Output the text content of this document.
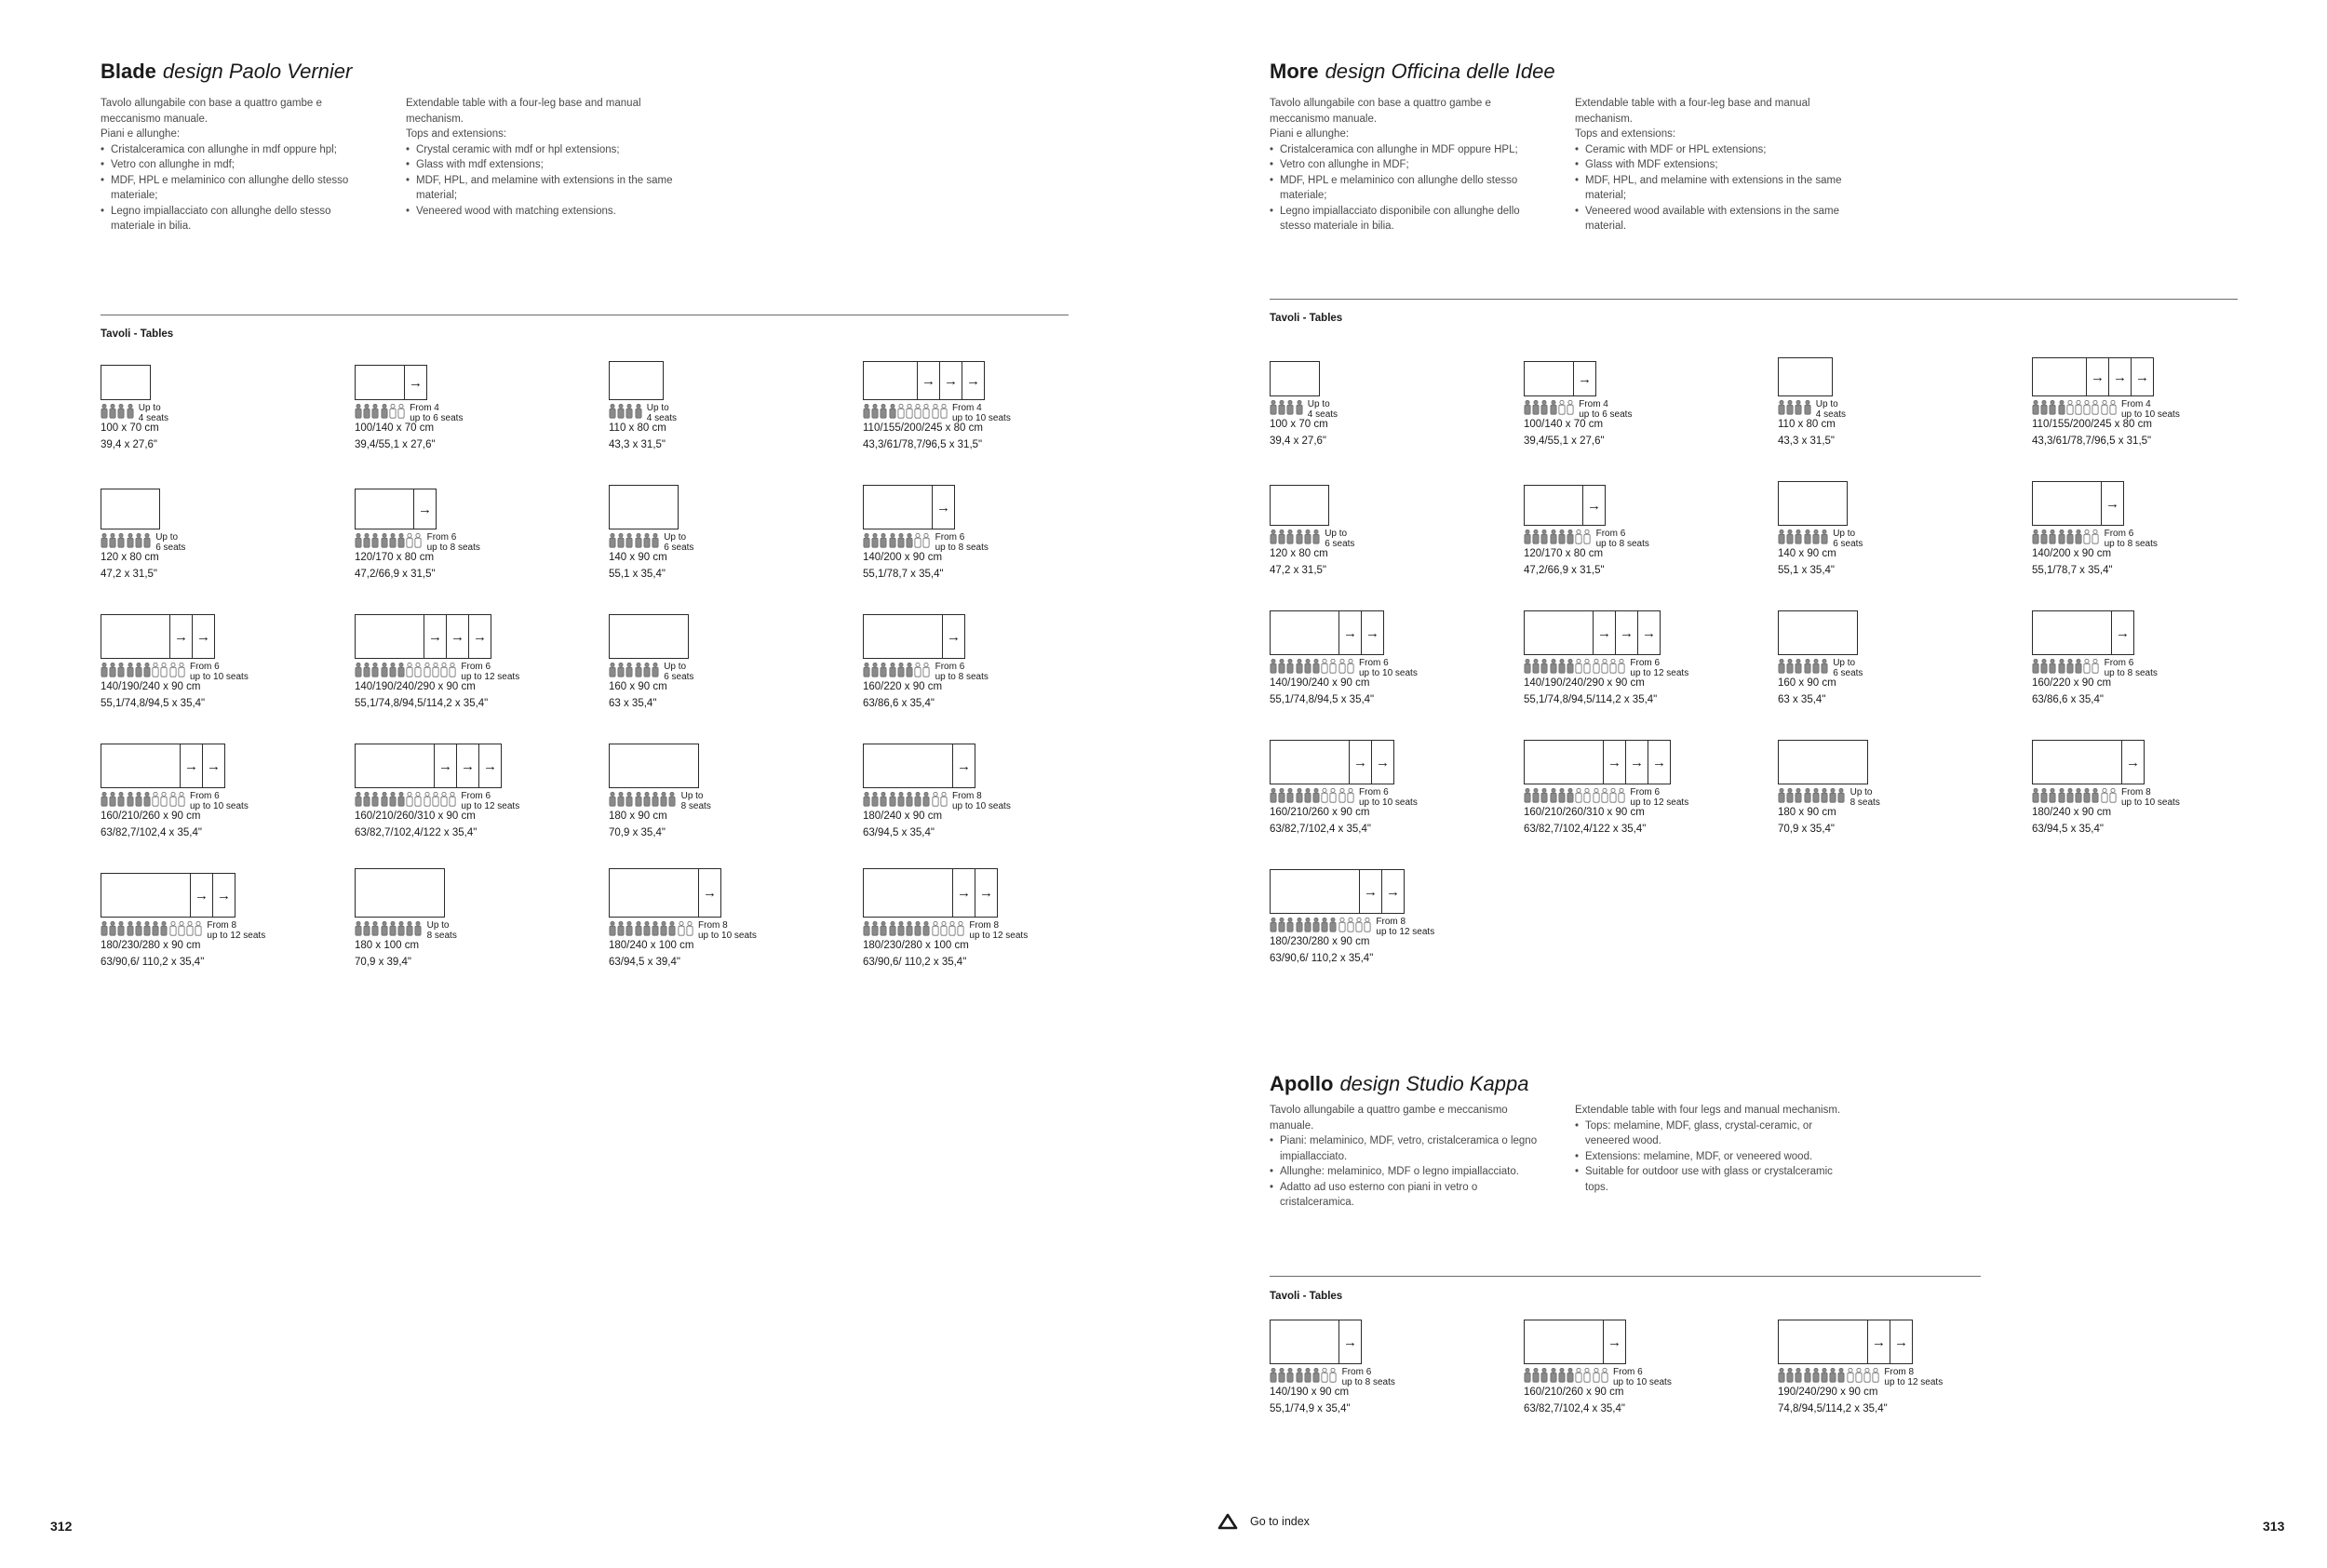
Blade design Paolo Vernier
Tavolo allungabile con base a quattro gambe e meccanismo manuale.
Piani e allunghe:
• Cristalceramica con allunghe in mdf oppure hpl;
• Vetro con allunghe in mdf;
• MDF, HPL e melaminico con allunghe dello stesso materiale;
• Legno impiallacciato con allunghe dello stesso materiale in bilia.
Extendable table with a four-leg base and manual mechanism.
Tops and extensions:
• Crystal ceramic with mdf or hpl extensions;
• Glass with mdf extensions;
• MDF, HPL, and melamine with extensions in the same material;
• Veneered wood with matching extensions.
Tavoli - Tables
Up to
4 seats
100 x 70 cm
39,4 x 27,6"
→
From 4
up to 6 seats
100/140 x 70 cm
39,4/55,1 x 27,6"
Up to
4 seats
110 x 80 cm
43,3 x 31,5"
→ → →
From 4
up to 10 seats
110/155/200/245 x 80 cm
43,3/61/78,7/96,5 x 31,5"
Up to
6 seats
120 x 80 cm
47,2 x 31,5"
→
From 6
up to 8 seats
120/170 x 80 cm
47,2/66,9 x 31,5"
Up to
6 seats
140 x 90 cm
55,1 x 35,4"
→
From 6
up to 8 seats
140/200 x 90 cm
55,1/78,7 x 35,4"
→ →
From 6
up to 10 seats
140/190/240 x 90 cm
55,1/74,8/94,5 x 35,4"
→ → →
From 6
up to 12 seats
140/190/240/290 x 90 cm
55,1/74,8/94,5/114,2 x 35,4"
Up to
6 seats
160 x 90 cm
63 x 35,4"
→
From 6
up to 8 seats
160/220 x 90 cm
63/86,6 x 35,4"
→ →
From 6
up to 10 seats
160/210/260 x 90 cm
63/82,7/102,4 x 35,4"
→ → →
From 6
up to 12 seats
160/210/260/310 x 90 cm
63/82,7/102,4/122 x 35,4"
Up to
8 seats
180 x 90 cm
70,9 x 35,4"
→
From 8
up to 10 seats
180/240 x 90 cm
63/94,5 x 35,4"
→ →
From 8
up to 12 seats
180/230/280 x 90 cm
63/90,6/ 110,2 x 35,4"
Up to
8 seats
180 x 100 cm
70,9 x 39,4"
→
From 8
up to 10 seats
180/240 x 100 cm
63/94,5 x 39,4"
→ →
From 8
up to 12 seats
180/230/280 x 100 cm
63/90,6/ 110,2 x 35,4"
More design Officina delle Idee
Tavolo allungabile con base a quattro gambe e meccanismo manuale.
Piani e allunghe:
• Cristalceramica con allunghe in MDF oppure HPL;
• Vetro con allunghe in MDF;
• MDF, HPL e melaminico con allunghe dello stesso materiale;
• Legno impiallacciato disponibile con allunghe dello stesso materiale in bilia.
Extendable table with a four-leg base and manual mechanism.
Tops and extensions:
• Ceramic with MDF or HPL extensions;
• Glass with MDF extensions;
• MDF, HPL, and melamine with extensions in the same material;
• Veneered wood available with extensions in the same material.
Tavoli - Tables
Up to
4 seats
100 x 70 cm
39,4 x 27,6"
→
From 4
up to 6 seats
100/140 x 70 cm
39,4/55,1 x 27,6"
Up to
4 seats
110 x 80 cm
43,3 x 31,5"
→ → →
From 4
up to 10 seats
110/155/200/245 x 80 cm
43,3/61/78,7/96,5 x 31,5"
Up to
6 seats
120 x 80 cm
47,2 x 31,5"
→
From 6
up to 8 seats
120/170 x 80 cm
47,2/66,9 x 31,5"
Up to
6 seats
140 x 90 cm
55,1 x 35,4"
→
From 6
up to 8 seats
140/200 x 90 cm
55,1/78,7 x 35,4"
→ →
From 6
up to 10 seats
140/190/240 x 90 cm
55,1/74,8/94,5 x 35,4"
→ → →
From 6
up to 12 seats
140/190/240/290 x 90 cm
55,1/74,8/94,5/114,2 x 35,4"
Up to
6 seats
160 x 90 cm
63 x 35,4"
→
From 6
up to 8 seats
160/220 x 90 cm
63/86,6 x 35,4"
→ →
From 6
up to 10 seats
160/210/260 x 90 cm
63/82,7/102,4 x 35,4"
→ → →
From 6
up to 12 seats
160/210/260/310 x 90 cm
63/82,7/102,4/122 x 35,4"
Up to
8 seats
180 x 90 cm
70,9 x 35,4"
→
From 8
up to 10 seats
180/240 x 90 cm
63/94,5 x 35,4"
→ →
From 8
up to 12 seats
180/230/280 x 90 cm
63/90,6/ 110,2 x 35,4"
Apollo design Studio Kappa
Tavolo allungabile a quattro gambe e meccanismo manuale.
• Piani: melaminico, MDF, vetro, cristalceramica o legno impiallacciato.
• Allunghe: melaminico, MDF o legno impiallacciato.
• Adatto ad uso esterno con piani in vetro o cristalceramica.
Extendable table with four legs and manual mechanism.
• Tops: melamine, MDF, glass, crystal-ceramic, or veneered wood.
• Extensions: melamine, MDF, or veneered wood.
• Suitable for outdoor use with glass or crystalceramic tops.
Tavoli - Tables
→
From 6
up to 8 seats
140/190 x 90 cm
55,1/74,9 x 35,4"
→
From 6
up to 10 seats
160/210/260 x 90 cm
63/82,7/102,4 x 35,4"
→ →
From 8
up to 12 seats
190/240/290 x 90 cm
74,8/94,5/114,2 x 35,4"
312	313
Go to index
